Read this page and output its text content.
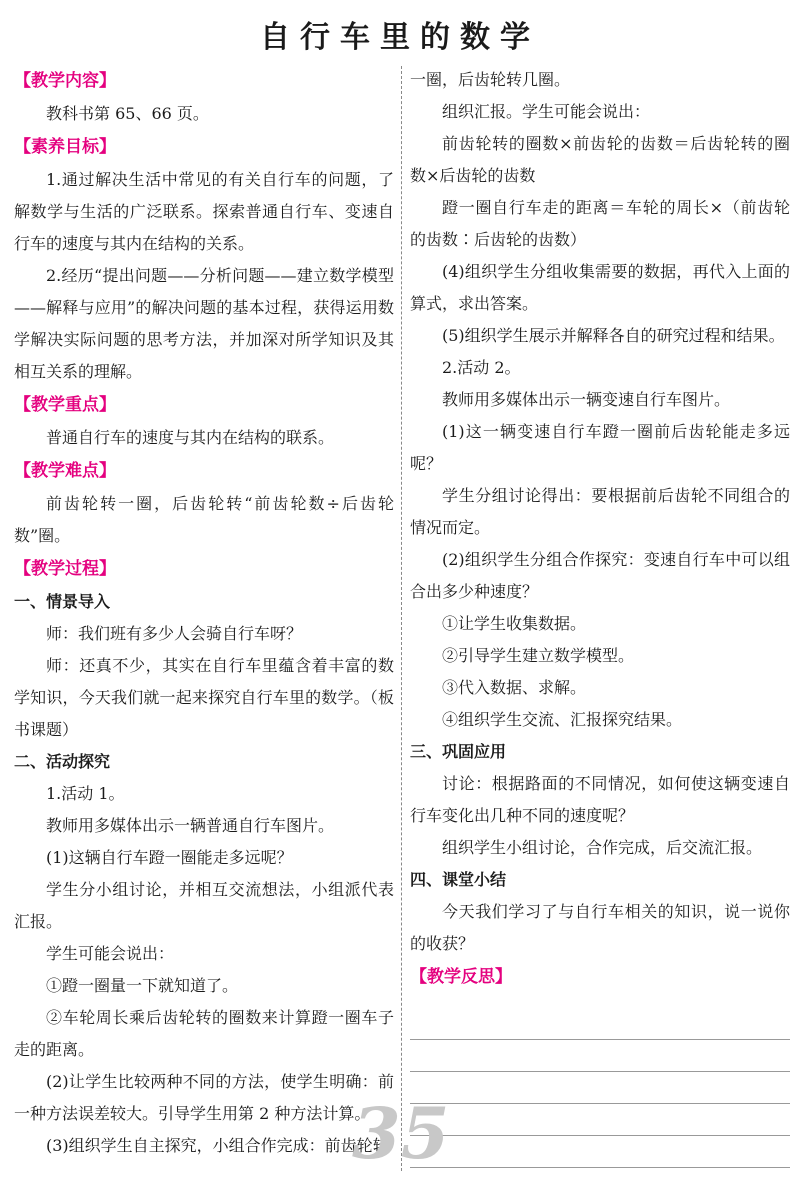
自行车里的数学

【教学内容】

教科书第 65、66 页。

【素养目标】

1.通过解决生活中常见的有关自行车的问题，了解数学与生活的广泛联系。探索普通自行车、变速自行车的速度与其内在结构的关系。

2.经历“提出问题——分析问题——建立数学模型——解释与应用”的解决问题的基本过程，获得运用数学解决实际问题的思考方法，并加深对所学知识及其相互关系的理解。

【教学重点】

普通自行车的速度与其内在结构的联系。

【教学难点】

前齿轮转一圈，后齿轮转“前齿轮数÷后齿轮数”圈。

【教学过程】

一、情景导入

师：我们班有多少人会骑自行车呀？

师：还真不少，其实在自行车里蕴含着丰富的数学知识，今天我们就一起来探究自行车里的数学。（板书课题）

二、活动探究

1.活动 1。

教师用多媒体出示一辆普通自行车图片。

(1)这辆自行车蹬一圈能走多远呢？

学生分小组讨论，并相互交流想法，小组派代表汇报。

学生可能会说出：

①蹬一圈量一下就知道了。

②车轮周长乘后齿轮转的圈数来计算蹬一圈车子走的距离。

(2)让学生比较两种不同的方法，使学生明确：前一种方法误差较大。引导学生用第 2 种方法计算。

(3)组织学生自主探究，小组合作完成：前齿轮转

一圈，后齿轮转几圈。

组织汇报。学生可能会说出：

前齿轮转的圈数×前齿轮的齿数＝后齿轮转的圈数×后齿轮的齿数

蹬一圈自行车走的距离＝车轮的周长×（前齿轮的齿数∶后齿轮的齿数）

(4)组织学生分组收集需要的数据，再代入上面的算式，求出答案。

(5)组织学生展示并解释各自的研究过程和结果。

2.活动 2。

教师用多媒体出示一辆变速自行车图片。

(1)这一辆变速自行车蹬一圈前后齿轮能走多远呢？

学生分组讨论得出：要根据前后齿轮不同组合的情况而定。

(2)组织学生分组合作探究：变速自行车中可以组合出多少种速度？

①让学生收集数据。

②引导学生建立数学模型。

③代入数据、求解。

④组织学生交流、汇报探究结果。

三、巩固应用

讨论：根据路面的不同情况，如何使这辆变速自行车变化出几种不同的速度呢？

组织学生小组讨论，合作完成，后交流汇报。

四、课堂小结

今天我们学习了与自行车相关的知识，说一说你的收获？

【教学反思】

35
